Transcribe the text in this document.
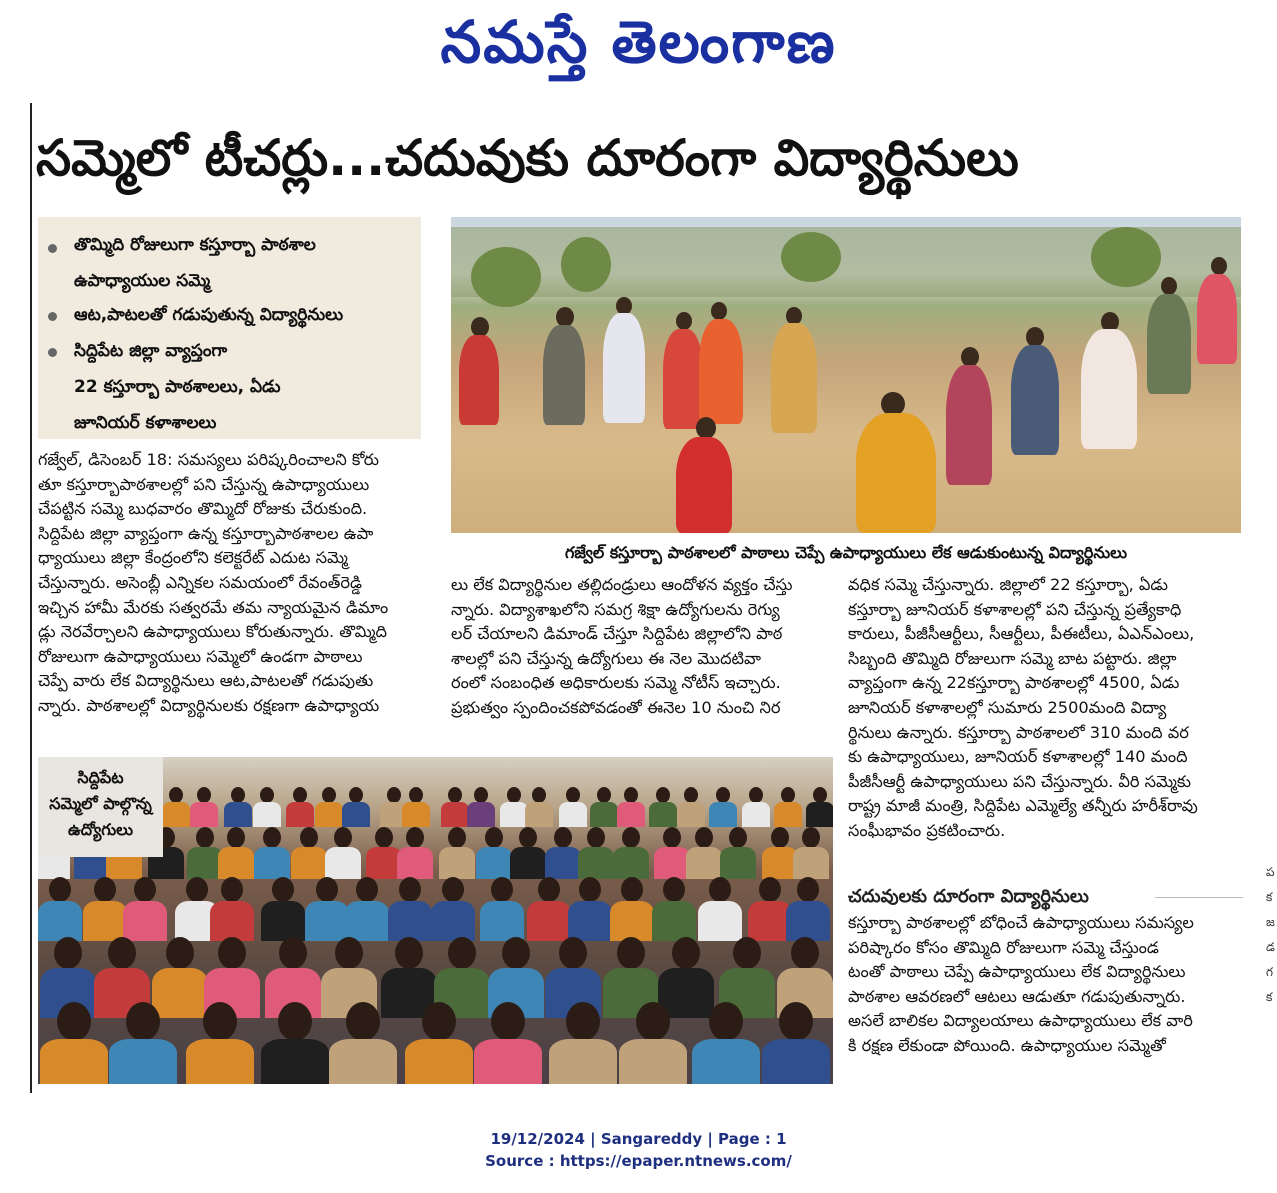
నమస్తే తెలంగాణ
సమ్మెలో టీచర్లు...చదువుకు దూరంగా విద్యార్థినులు
తొమ్మిది రోజులుగా కస్తూర్బా పాఠశాల
ఉపాధ్యాయుల సమ్మె
ఆట,పాటలతో గడుపుతున్న విద్యార్థినులు
సిద్దిపేట జిల్లా వ్యాప్తంగా
22 కస్తూర్బా పాఠశాలలు, ఏడు
జూనియర్ కళాశాలలు
గజ్వేల్ కస్తూర్బా పాఠశాలలో పాఠాలు చెప్పే ఉపాధ్యాయులు లేక ఆడుకుంటున్న విద్యార్థినులు
గజ్వేల్, డిసెంబర్ 18: సమస్యలు పరిష్కరించాలని కోరు
తూ కస్తూర్బాపాఠశాలల్లో పని చేస్తున్న ఉపాధ్యాయులు
చేపట్టిన సమ్మె బుధవారం తొమ్మిదో రోజుకు చేరుకుంది.
సిద్దిపేట జిల్లా వ్యాప్తంగా ఉన్న కస్తూర్బాపాఠశాలల ఉపా
ధ్యాయులు జిల్లా కేంద్రంలోని కలెక్టరేట్ ఎదుట సమ్మె
చేస్తున్నారు. అసెంబ్లీ ఎన్నికల సమయంలో రేవంత్‌రెడ్డి
ఇచ్చిన హామీ మేరకు సత్వరమే తమ న్యాయమైన డిమాం
డ్లు నెరవేర్చాలని ఉపాధ్యాయులు కోరుతున్నారు. తొమ్మిది
రోజులుగా ఉపాధ్యాయులు సమ్మెలో ఉండగా పాఠాలు
చెప్పే వారు లేక విద్యార్థినులు ఆట,పాటలతో గడుపుతు
న్నారు. పాఠశాలల్లో విద్యార్థినులకు రక్షణగా ఉపాధ్యాయ
లు లేక విద్యార్థినుల తల్లిదండ్రులు ఆందోళన వ్యక్తం చేస్తు
న్నారు. విద్యాశాఖలోని సమగ్ర శిక్షా ఉద్యోగులను రెగ్యు
లర్ చేయాలని డిమాండ్ చేస్తూ సిద్దిపేట జిల్లాలోని పాఠ
శాలల్లో పని చేస్తున్న ఉద్యోగులు ఈ నెల మొదటివా
రంలో సంబంధిత అధికారులకు సమ్మె నోటీస్ ఇచ్చారు.
ప్రభుత్వం స్పందించకపోవడంతో ఈనెల 10 నుంచి నిర
వధిక సమ్మె చేస్తున్నారు. జిల్లాలో 22 కస్తూర్బా, ఏడు
కస్తూర్బా జూనియర్ కళాశాలల్లో పని చేస్తున్న ప్రత్యేకాధి
కారులు, పీజీసీఆర్టీలు, సీఆర్టీలు, పీఈటీలు, ఏఎన్ఎంలు,
సిబ్బంది తొమ్మిది రోజులుగా సమ్మె బాట పట్టారు. జిల్లా
వ్యాప్తంగా ఉన్న 22కస్తూర్బా పాఠశాలల్లో 4500, ఏడు
జూనియర్ కళాశాలల్లో సుమారు 2500మంది విద్యా
ర్థినులు ఉన్నారు. కస్తూర్బా పాఠశాలలో 310 మంది వర
కు ఉపాధ్యాయులు, జూనియర్ కళాశాలల్లో 140 మంది
పీజీసీఆర్టీ ఉపాధ్యాయులు పని చేస్తున్నారు. వీరి సమ్మెకు
రాష్ట్ర మాజీ మంత్రి, సిద్దిపేట ఎమ్మెల్యే తన్నీరు హరీశ్‌రావు
సంఘీభావం ప్రకటించారు.
చదువులకు దూరంగా విద్యార్థినులు
కస్తూర్బా పాఠశాలల్లో బోధించే ఉపాధ్యాయులు సమస్యల
పరిష్కారం కోసం తొమ్మిది రోజులుగా సమ్మె చేస్తుండ
టంతో పాఠాలు చెప్పే ఉపాధ్యాయులు లేక విద్యార్థినులు
పాఠశాల ఆవరణలో ఆటలు ఆడుతూ గడుపుతున్నారు.
అసలే బాలికల విద్యాలయాలు ఉపాధ్యాయులు లేక వారి
కి రక్షణ లేకుండా పోయింది. ఉపాధ్యాయుల సమ్మెతో
సిద్దిపేట
సమ్మెలో పాల్గొన్న
ఉద్యోగులు
ప
క
జ
డ
గ
క
19/12/2024 | Sangareddy | Page : 1
Source : https://epaper.ntnews.com/
